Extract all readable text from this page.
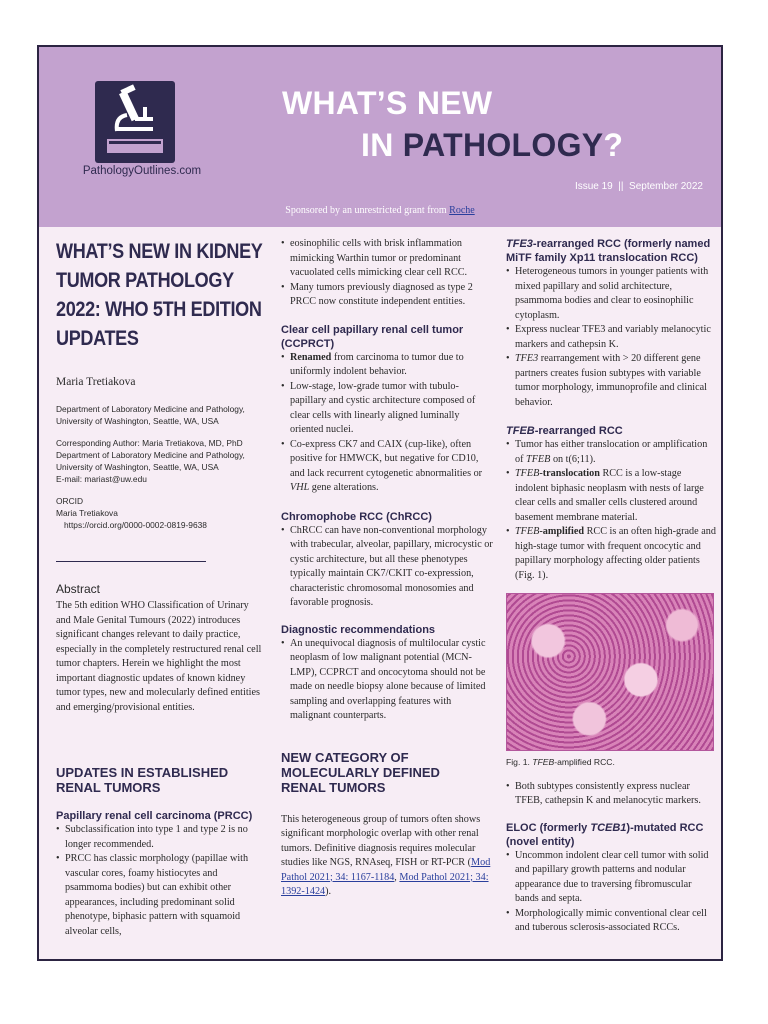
PathologyOutlines.com
WHAT’S NEW
IN PATHOLOGY?
Issue 19  ||  September 2022
Sponsored by an unrestricted grant from Roche
WHAT’S NEW IN KIDNEY TUMOR PATHOLOGY 2022: WHO 5TH EDITION UPDATES
Maria Tretiakova
Department of Laboratory Medicine and Pathology, University of Washington, Seattle, WA, USA
Corresponding Author: Maria Tretiakova, MD, PhD
Department of Laboratory Medicine and Pathology,
University of Washington, Seattle, WA, USA
E-mail: mariast@uw.edu
ORCID
Maria Tretiakova
https://orcid.org/0000-0002-0819-9638
Abstract
The 5th edition WHO Classification of Urinary and Male Genital Tumours (2022) introduces significant changes relevant to daily practice, especially in the completely restructured renal cell tumor chapters. Herein we highlight the most important diagnostic updates of known kidney tumor types, new and molecularly defined entities and emerging/provisional entities.
UPDATES IN ESTABLISHED RENAL TUMORS
Papillary renal cell carcinoma (PRCC)
• Subclassification into type 1 and type 2 is no longer recommended.
• PRCC has classic morphology (papillae with vascular cores, foamy histiocytes and psammoma bodies) but can exhibit other appearances, including predominant solid phenotype, biphasic pattern with squamoid alveolar cells,
• eosinophilic cells with brisk inflammation mimicking Warthin tumor or predominant vacuolated cells mimicking clear cell RCC.
• Many tumors previously diagnosed as type 2 PRCC now constitute independent entities.
Clear cell papillary renal cell tumor (CCPRCT)
• Renamed from carcinoma to tumor due to uniformly indolent behavior.
• Low-stage, low-grade tumor with tubulo-papillary and cystic architecture composed of clear cells with linearly aligned luminally oriented nuclei.
• Co-express CK7 and CAIX (cup-like), often positive for HMWCK, but negative for CD10, and lack recurrent cytogenetic abnormalities or VHL gene alterations.
Chromophobe RCC (ChRCC)
• ChRCC can have non-conventional morphology with trabecular, alveolar, papillary, microcystic or cystic architecture, but all these phenotypes typically maintain CK7/CKIT co-expression, characteristic chromosomal monosomies and favorable prognosis.
Diagnostic recommendations
• An unequivocal diagnosis of multilocular cystic neoplasm of low malignant potential (MCN-LMP), CCPRCT and oncocytoma should not be made on needle biopsy alone because of limited sampling and overlapping features with malignant counterparts.
NEW CATEGORY OF MOLECULARLY DEFINED RENAL TUMORS
This heterogeneous group of tumors often shows significant morphologic overlap with other renal tumors. Definitive diagnosis requires molecular studies like NGS, RNAseq, FISH or RT-PCR (Mod Pathol 2021; 34: 1167-1184, Mod Pathol 2021; 34: 1392-1424).
TFE3-rearranged RCC (formerly named MiTF family Xp11 translocation RCC)
• Heterogeneous tumors in younger patients with mixed papillary and solid architecture, psammoma bodies and clear to eosinophilic cytoplasm.
• Express nuclear TFE3 and variably melanocytic markers and cathepsin K.
• TFE3 rearrangement with > 20 different gene partners creates fusion subtypes with variable tumor morphology, immunoprofile and clinical behavior.
TFEB-rearranged RCC
• Tumor has either translocation or amplification of TFEB on t(6;11).
• TFEB-translocation RCC is a low-stage indolent biphasic neoplasm with nests of large clear cells and smaller cells clustered around basement membrane material.
• TFEB-amplified RCC is an often high-grade and high-stage tumor with frequent oncocytic and papillary morphology affecting older patients (Fig. 1).
Fig. 1. TFEB-amplified RCC.
• Both subtypes consistently express nuclear TFEB, cathepsin K and melanocytic markers.
ELOC (formerly TCEB1)-mutated RCC (novel entity)
• Uncommon indolent clear cell tumor with solid and papillary growth patterns and nodular appearance due to traversing fibromuscular bands and septa.
• Morphologically mimic conventional clear cell and tuberous sclerosis-associated RCCs.
